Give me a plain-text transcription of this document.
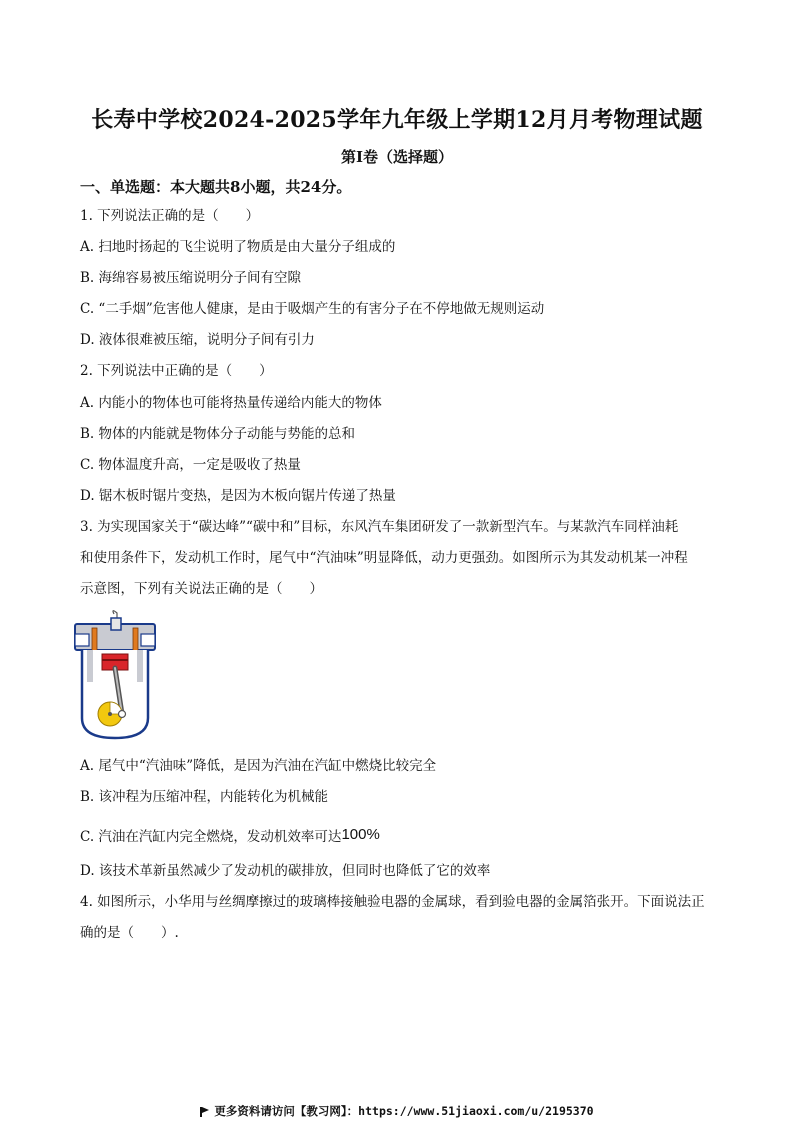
长寿中学校2024-2025学年九年级上学期12月月考物理试题
第Ⅰ卷（选择题）
一、单选题：本大题共8小题，共24分。
1. 下列说法正确的是（　　）
A. 扫地时扬起的飞尘说明了物质是由大量分子组成的
B. 海绵容易被压缩说明分子间有空隙
C. “二手烟”危害他人健康，是由于吸烟产生的有害分子在不停地做无规则运动
D. 液体很难被压缩，说明分子间有引力
2. 下列说法中正确的是（　　）
A. 内能小的物体也可能将热量传递给内能大的物体
B. 物体的内能就是物体分子动能与势能的总和
C. 物体温度升高，一定是吸收了热量
D. 锯木板时锯片变热，是因为木板向锯片传递了热量
3. 为实现国家关于“碳达峰”“碳中和”目标，东风汽车集团研发了一款新型汽车。与某款汽车同样油耗
和使用条件下，发动机工作时，尾气中“汽油味”明显降低，动力更强劲。如图所示为其发动机某一冲程
示意图，下列有关说法正确的是（　　）
A. 尾气中“汽油味”降低，是因为汽油在汽缸中燃烧比较完全
B. 该冲程为压缩冲程，内能转化为机械能
C. 汽油在汽缸内完全燃烧，发动机效率可达100%
D. 该技术革新虽然减少了发动机的碳排放，但同时也降低了它的效率
4. 如图所示，小华用与丝绸摩擦过的玻璃棒接触验电器的金属球，看到验电器的金属箔张开。下面说法正
确的是（　　）.
更多资料请访问【教习网】：https://www.51jiaoxi.com/u/2195370
